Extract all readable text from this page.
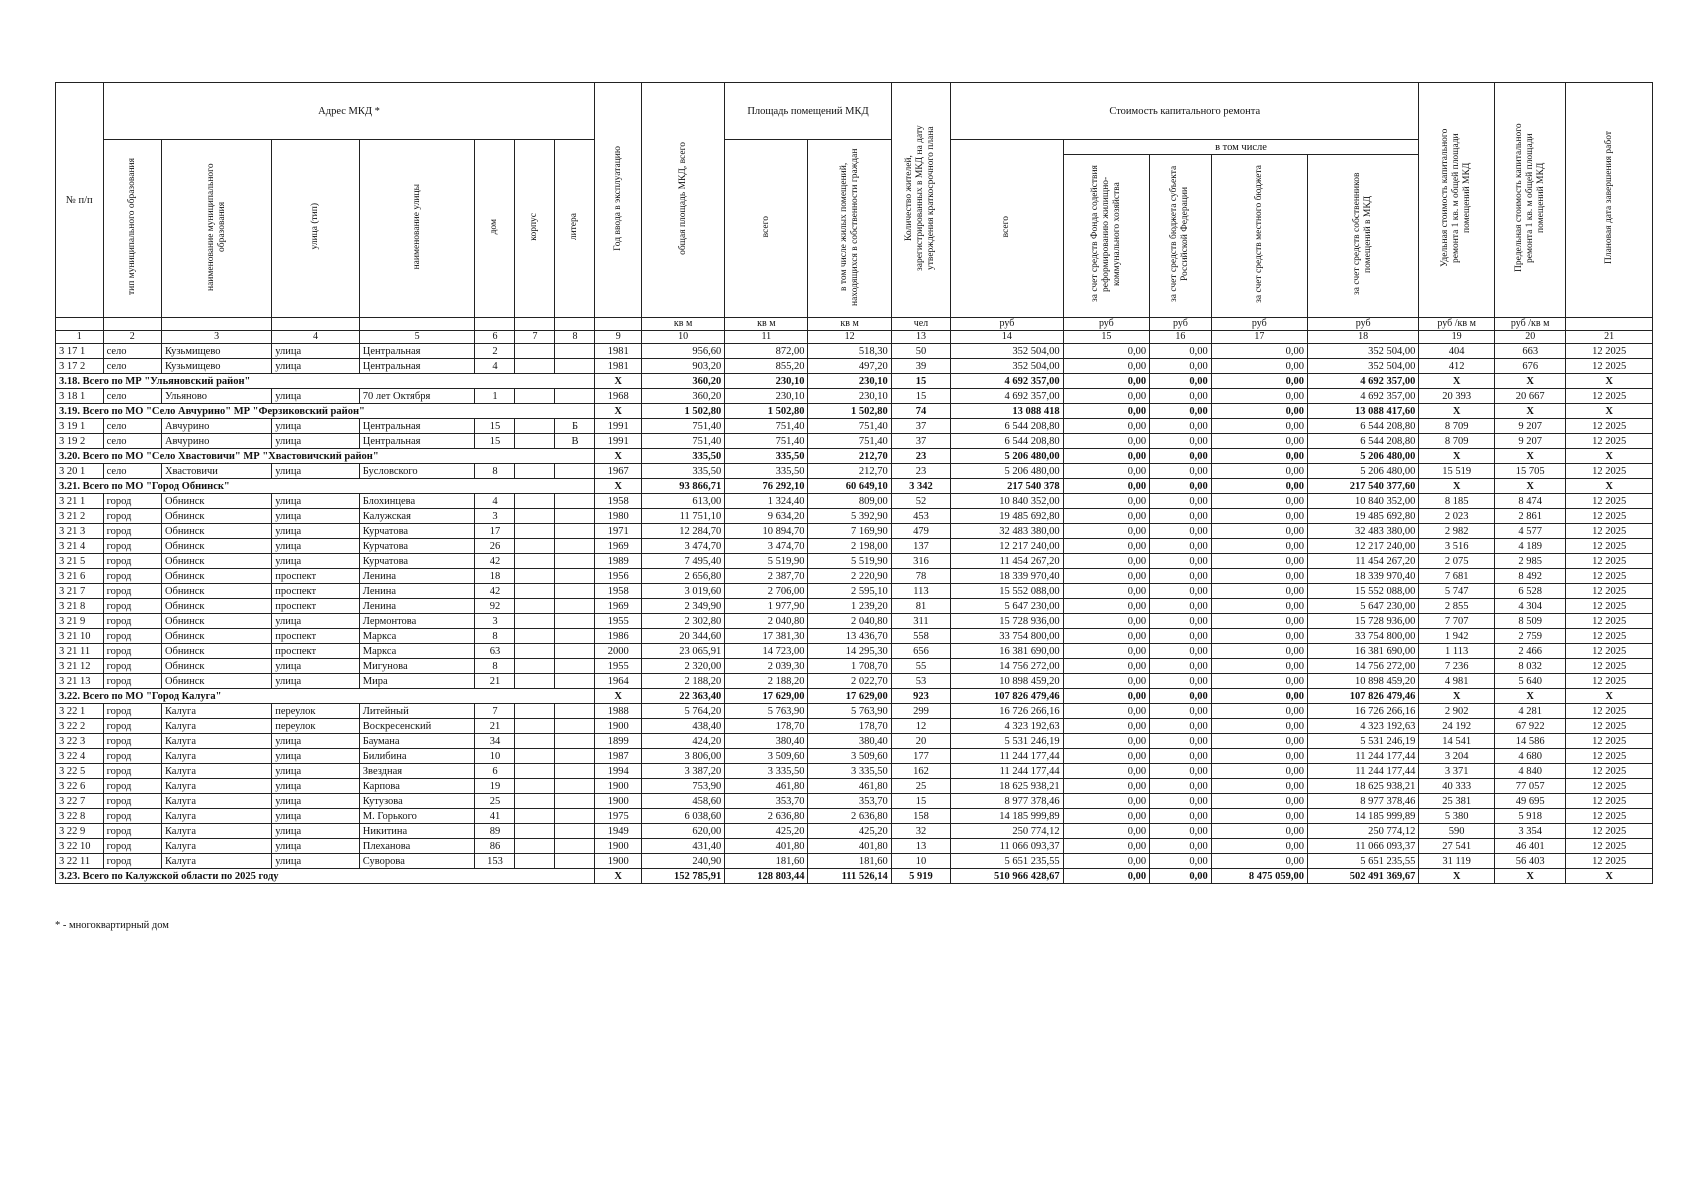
№ п/п	Адрес МКД *							Год ввода в эксплуатацию	общая площадь МКД, всего	Площадь помещений МКД		Количество жителей, зарегистрированных в МКД на дату утверждения краткосрочного плана	Стоимость капитального ремонта					Удельная стоимость капитального ремонта 1 кв. м общей площади помещений МКД	Предельная стоимость капитального ремонта 1 кв. м общей площади помещений МКД	Плановая дата завершения работ
	тип муниципального образования	наименование муниципального образования	улица (тип)	наименование улицы	дом	корпус	литера			всего	в том числе жилых помещений, находящихся в собственности граждан		всего	в том числе						
														за счет средств Фонда содействия реформированию жилищно-коммунального хозяйства	за счет средств бюджета субъекта Российской Федерации	за счет средств местного бюджета	за счет средств собственников помещений в МКД			
									кв м	кв м	кв м	чел	руб	руб	руб	руб	руб	руб /кв м	руб /кв м	
1	2	3	4	5	6	7	8	9	10	11	12	13	14	15	16	17	18	19	20	21
3 17 1	село	Кузьмищево	улица	Центральная	2			1981	956,60	872,00	518,30	50	352 504,00	0,00	0,00	0,00	352 504,00	404	663	12 2025
3 17 2	село	Кузьмищево	улица	Центральная	4			1981	903,20	855,20	497,20	39	352 504,00	0,00	0,00	0,00	352 504,00	412	676	12 2025
3.18. Всего по МР "Ульяновский район"								X	360,20	230,10	230,10	15	4 692 357,00	0,00	0,00	0,00	4 692 357,00	X	X	X
3 18 1	село	Ульяново	улица	70 лет Октября	1			1968	360,20	230,10	230,10	15	4 692 357,00	0,00	0,00	0,00	4 692 357,00	20 393	20 667	12 2025
3.19. Всего по МО "Село Авчурино" МР "Ферзиковский район"								X	1 502,80	1 502,80	1 502,80	74	13 088 418	0,00	0,00	0,00	13 088 417,60	X	X	X
3 19 1	село	Авчурино	улица	Центральная	15		Б	1991	751,40	751,40	751,40	37	6 544 208,80	0,00	0,00	0,00	6 544 208,80	8 709	9 207	12 2025
3 19 2	село	Авчурино	улица	Центральная	15		В	1991	751,40	751,40	751,40	37	6 544 208,80	0,00	0,00	0,00	6 544 208,80	8 709	9 207	12 2025
3.20. Всего по МО "Село Хвастовичи" МР "Хвастовичский район"								X	335,50	335,50	212,70	23	5 206 480,00	0,00	0,00	0,00	5 206 480,00	X	X	X
3 20 1	село	Хвастовичи	улица	Бусловского	8			1967	335,50	335,50	212,70	23	5 206 480,00	0,00	0,00	0,00	5 206 480,00	15 519	15 705	12 2025
3.21. Всего по МО "Город Обнинск"								X	93 866,71	76 292,10	60 649,10	3 342	217 540 378	0,00	0,00	0,00	217 540 377,60	X	X	X
3 21 1	город	Обнинск	улица	Блохинцева	4			1958	613,00	1 324,40	809,00	52	10 840 352,00	0,00	0,00	0,00	10 840 352,00	8 185	8 474	12 2025
3 21 2	город	Обнинск	улица	Калужская	3			1980	11 751,10	9 634,20	5 392,90	453	19 485 692,80	0,00	0,00	0,00	19 485 692,80	2 023	2 861	12 2025
3 21 3	город	Обнинск	улица	Курчатова	17			1971	12 284,70	10 894,70	7 169,90	479	32 483 380,00	0,00	0,00	0,00	32 483 380,00	2 982	4 577	12 2025
3 21 4	город	Обнинск	улица	Курчатова	26			1969	3 474,70	3 474,70	2 198,00	137	12 217 240,00	0,00	0,00	0,00	12 217 240,00	3 516	4 189	12 2025
3 21 5	город	Обнинск	улица	Курчатова	42			1989	7 495,40	5 519,90	5 519,90	316	11 454 267,20	0,00	0,00	0,00	11 454 267,20	2 075	2 985	12 2025
3 21 6	город	Обнинск	проспект	Ленина	18			1956	2 656,80	2 387,70	2 220,90	78	18 339 970,40	0,00	0,00	0,00	18 339 970,40	7 681	8 492	12 2025
3 21 7	город	Обнинск	проспект	Ленина	42			1958	3 019,60	2 706,00	2 595,10	113	15 552 088,00	0,00	0,00	0,00	15 552 088,00	5 747	6 528	12 2025
3 21 8	город	Обнинск	проспект	Ленина	92			1969	2 349,90	1 977,90	1 239,20	81	5 647 230,00	0,00	0,00	0,00	5 647 230,00	2 855	4 304	12 2025
3 21 9	город	Обнинск	улица	Лермонтова	3			1955	2 302,80	2 040,80	2 040,80	311	15 728 936,00	0,00	0,00	0,00	15 728 936,00	7 707	8 509	12 2025
3 21 10	город	Обнинск	проспект	Маркса	8			1986	20 344,60	17 381,30	13 436,70	558	33 754 800,00	0,00	0,00	0,00	33 754 800,00	1 942	2 759	12 2025
3 21 11	город	Обнинск	проспект	Маркса	63			2000	23 065,91	14 723,00	14 295,30	656	16 381 690,00	0,00	0,00	0,00	16 381 690,00	1 113	2 466	12 2025
3 21 12	город	Обнинск	улица	Мигунова	8			1955	2 320,00	2 039,30	1 708,70	55	14 756 272,00	0,00	0,00	0,00	14 756 272,00	7 236	8 032	12 2025
3 21 13	город	Обнинск	улица	Мира	21			1964	2 188,20	2 188,20	2 022,70	53	10 898 459,20	0,00	0,00	0,00	10 898 459,20	4 981	5 640	12 2025
3.22. Всего по МО "Город Калуга"								X	22 363,40	17 629,00	17 629,00	923	107 826 479,46	0,00	0,00	0,00	107 826 479,46	X	X	X
3 22 1	город	Калуга	переулок	Литейный	7			1988	5 764,20	5 763,90	5 763,90	299	16 726 266,16	0,00	0,00	0,00	16 726 266,16	2 902	4 281	12 2025
3 22 2	город	Калуга	переулок	Воскресенский	21			1900	438,40	178,70	178,70	12	4 323 192,63	0,00	0,00	0,00	4 323 192,63	24 192	67 922	12 2025
3 22 3	город	Калуга	улица	Баумана	34			1899	424,20	380,40	380,40	20	5 531 246,19	0,00	0,00	0,00	5 531 246,19	14 541	14 586	12 2025
3 22 4	город	Калуга	улица	Билибина	10			1987	3 806,00	3 509,60	3 509,60	177	11 244 177,44	0,00	0,00	0,00	11 244 177,44	3 204	4 680	12 2025
3 22 5	город	Калуга	улица	Звездная	6			1994	3 387,20	3 335,50	3 335,50	162	11 244 177,44	0,00	0,00	0,00	11 244 177,44	3 371	4 840	12 2025
3 22 6	город	Калуга	улица	Карпова	19			1900	753,90	461,80	461,80	25	18 625 938,21	0,00	0,00	0,00	18 625 938,21	40 333	77 057	12 2025
3 22 7	город	Калуга	улица	Кутузова	25			1900	458,60	353,70	353,70	15	8 977 378,46	0,00	0,00	0,00	8 977 378,46	25 381	49 695	12 2025
3 22 8	город	Калуга	улица	М. Горького	41			1975	6 038,60	2 636,80	2 636,80	158	14 185 999,89	0,00	0,00	0,00	14 185 999,89	5 380	5 918	12 2025
3 22 9	город	Калуга	улица	Никитина	89			1949	620,00	425,20	425,20	32	250 774,12	0,00	0,00	0,00	250 774,12	590	3 354	12 2025
3 22 10	город	Калуга	улица	Плеханова	86			1900	431,40	401,80	401,80	13	11 066 093,37	0,00	0,00	0,00	11 066 093,37	27 541	46 401	12 2025
3 22 11	город	Калуга	улица	Суворова	153			1900	240,90	181,60	181,60	10	5 651 235,55	0,00	0,00	0,00	5 651 235,55	31 119	56 403	12 2025
3.23. Всего по Калужской области по 2025 году								X	152 785,91	128 803,44	111 526,14	5 919	510 966 428,67	0,00	0,00	8 475 059,00	502 491 369,67	X	X	X
* - многоквартирный дом
